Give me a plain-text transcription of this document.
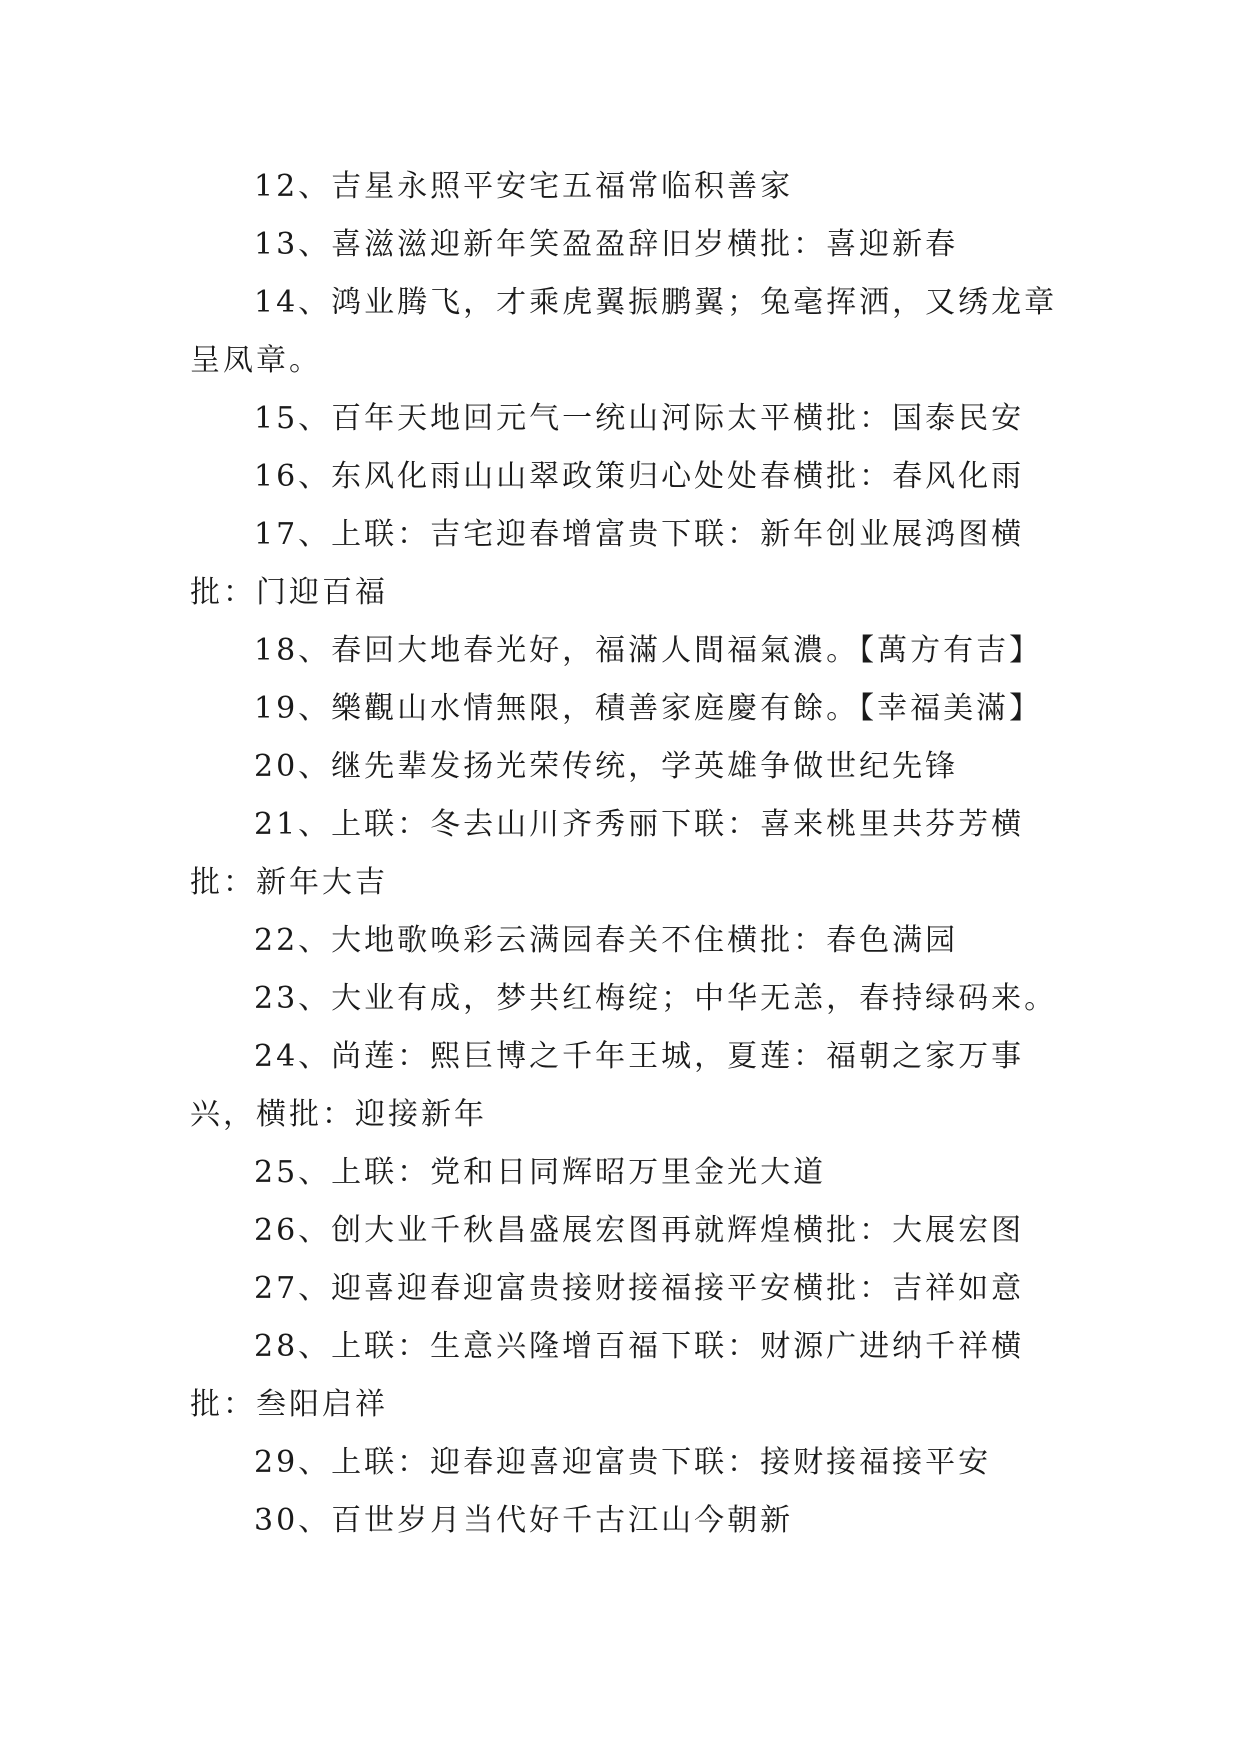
12、吉星永照平安宅五福常临积善家

13、喜滋滋迎新年笑盈盈辞旧岁横批：喜迎新春

14、鸿业腾飞，才乘虎翼振鹏翼；兔毫挥洒，又绣龙章呈凤章。

15、百年天地回元气一统山河际太平横批：国泰民安

16、东风化雨山山翠政策归心处处春横批：春风化雨

17、上联：吉宅迎春增富贵下联：新年创业展鸿图横批：门迎百福

18、春回大地春光好，福滿人間福氣濃。【萬方有吉】

19、樂觀山水情無限，積善家庭慶有餘。【幸福美滿】

20、继先辈发扬光荣传统，学英雄争做世纪先锋

21、上联：冬去山川齐秀丽下联：喜来桃里共芬芳横批：新年大吉

22、大地歌唤彩云满园春关不住横批：春色满园

23、大业有成，梦共红梅绽；中华无恙，春持绿码来。

24、尚莲：熙巨博之千年王城，夏莲：福朝之家万事兴，横批：迎接新年

25、上联：党和日同辉昭万里金光大道

26、创大业千秋昌盛展宏图再就辉煌横批：大展宏图

27、迎喜迎春迎富贵接财接福接平安横批：吉祥如意

28、上联：生意兴隆增百福下联：财源广进纳千祥横批：叁阳启祥

29、上联：迎春迎喜迎富贵下联：接财接福接平安

30、百世岁月当代好千古江山今朝新
